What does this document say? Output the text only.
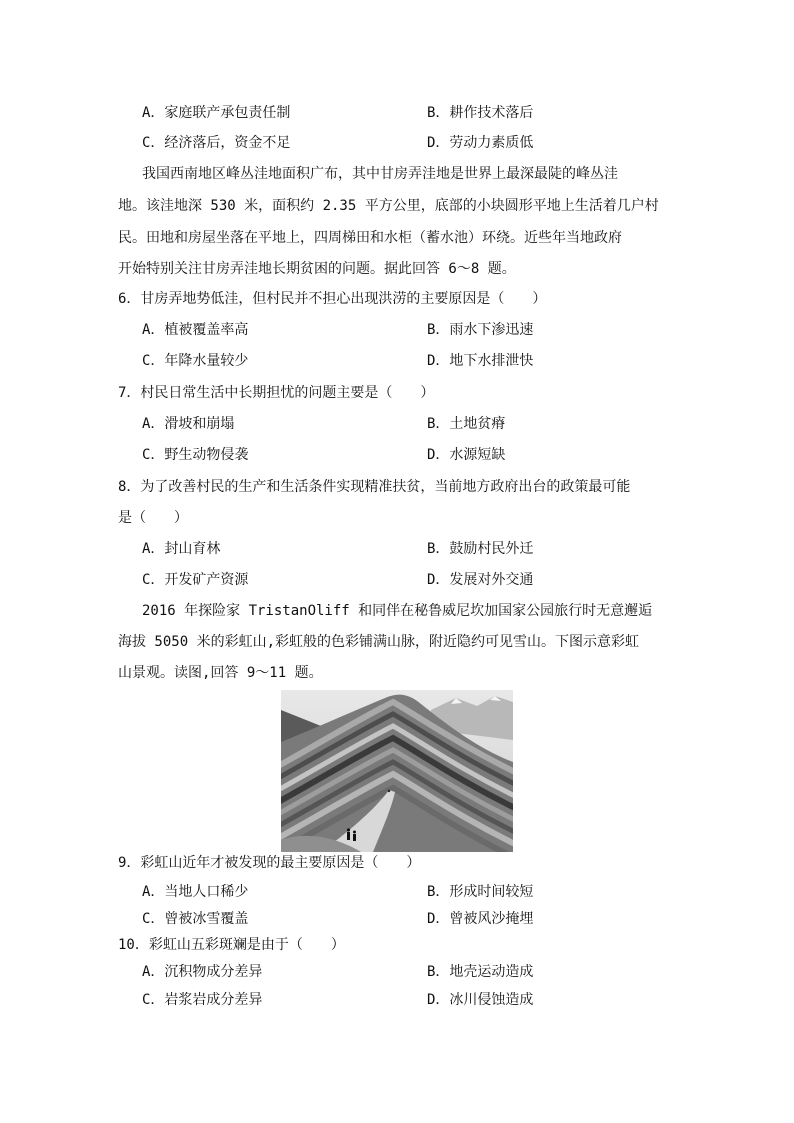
A．家庭联产承包责任制	B．耕作技术落后
C．经济落后，资金不足	D．劳动力素质低
我国西南地区峰丛洼地面积广布，其中甘房弄洼地是世界上最深最陡的峰丛洼
地。该洼地深 530 米，面积约 2.35 平方公里，底部的小块圆形平地上生活着几户村
民。田地和房屋坐落在平地上，四周梯田和水柜（蓄水池）环绕。近些年当地政府
开始特别关注甘房弄洼地长期贫困的问题。据此回答 6～8 题。
6．甘房弄地势低洼，但村民并不担心出现洪涝的主要原因是（　　）
A．植被覆盖率高	B．雨水下渗迅速
C．年降水量较少	D．地下水排泄快
7．村民日常生活中长期担忧的问题主要是（　　）
A．滑坡和崩塌	B．土地贫瘠
C．野生动物侵袭	D．水源短缺
8．为了改善村民的生产和生活条件实现精准扶贫，当前地方政府出台的政策最可能
是（　　）
A．封山育林	B．鼓励村民外迁
C．开发矿产资源	D．发展对外交通
2016 年探险家 TristanOliff 和同伴在秘鲁威尼坎加国家公园旅行时无意邂逅
海拔 5050 米的彩虹山,彩虹般的色彩铺满山脉，附近隐约可见雪山。下图示意彩虹
山景观。读图,回答 9～11 题。
9．彩虹山近年才被发现的最主要原因是（　　）
A．当地人口稀少	B．形成时间较短
C．曾被冰雪覆盖	D．曾被风沙掩埋
10．彩虹山五彩斑斓是由于（　　）
A．沉积物成分差异	B．地壳运动造成
C．岩浆岩成分差异	D．冰川侵蚀造成
